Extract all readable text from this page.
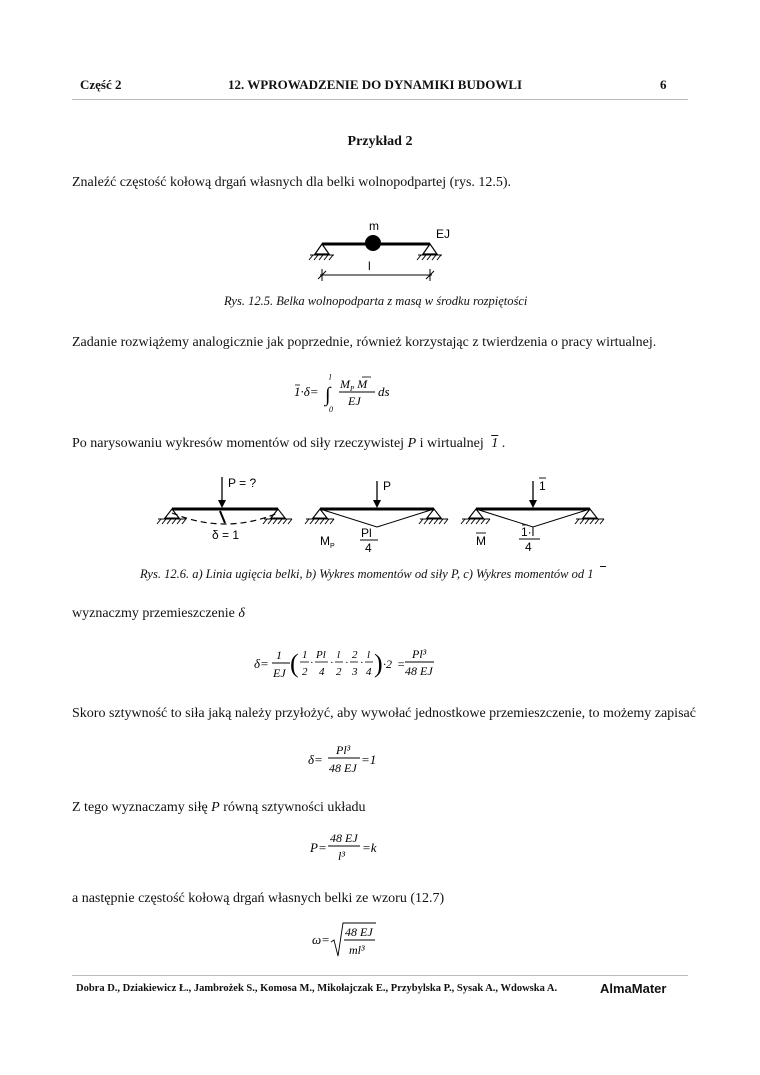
Część 2	12. WPROWADZENIE DO DYNAMIKI BUDOWLI	6
Przykład 2
Znaleźć częstość kołową drgań własnych dla belki wolnopodpartej (rys. 12.5).
m
EJ
l
Rys. 12.5. Belka wolnopodparta z masą w środku rozpiętości
Zadanie rozwiążemy analogicznie jak poprzednie, również korzystając z twierdzenia o pracy wirtualnej.
1·δ= ∫
l
0
$M_P$ M
EJ
ds
Po narysowaniu wykresów momentów od siły rzeczywistej P i wirtualnej 1 .
P = ?
δ = 1
P
$M_P$
Pl
4
1
M
1·l
4
Rys. 12.6. a) Linia ugięcia belki, b) Wykres momentów od siły P, c) Wykres momentów od 1
wyznaczmy przemieszczenie δ
δ=
1
EJ ( 1
2
·
Pl
4
·
l
2
·
2
3
·
l
4 ) ·2 =
Pl³
48 EJ
Skoro sztywność to siła jaką należy przyłożyć, aby wywołać jednostkowe przemieszczenie, to możemy zapisać
δ=
Pl³
48 EJ
=1
Z tego wyznaczamy siłę P równą sztywności układu
P=
48 EJ
l³
=k
a następnie częstość kołową drgań własnych belki ze wzoru (12.7)
ω= 48 EJ
ml³
Dobra D., Dziakiewicz Ł., Jambrożek S., Komosa M., Mikołajczak E., Przybylska P., Sysak A., Wdowska A.	AlmaMater
